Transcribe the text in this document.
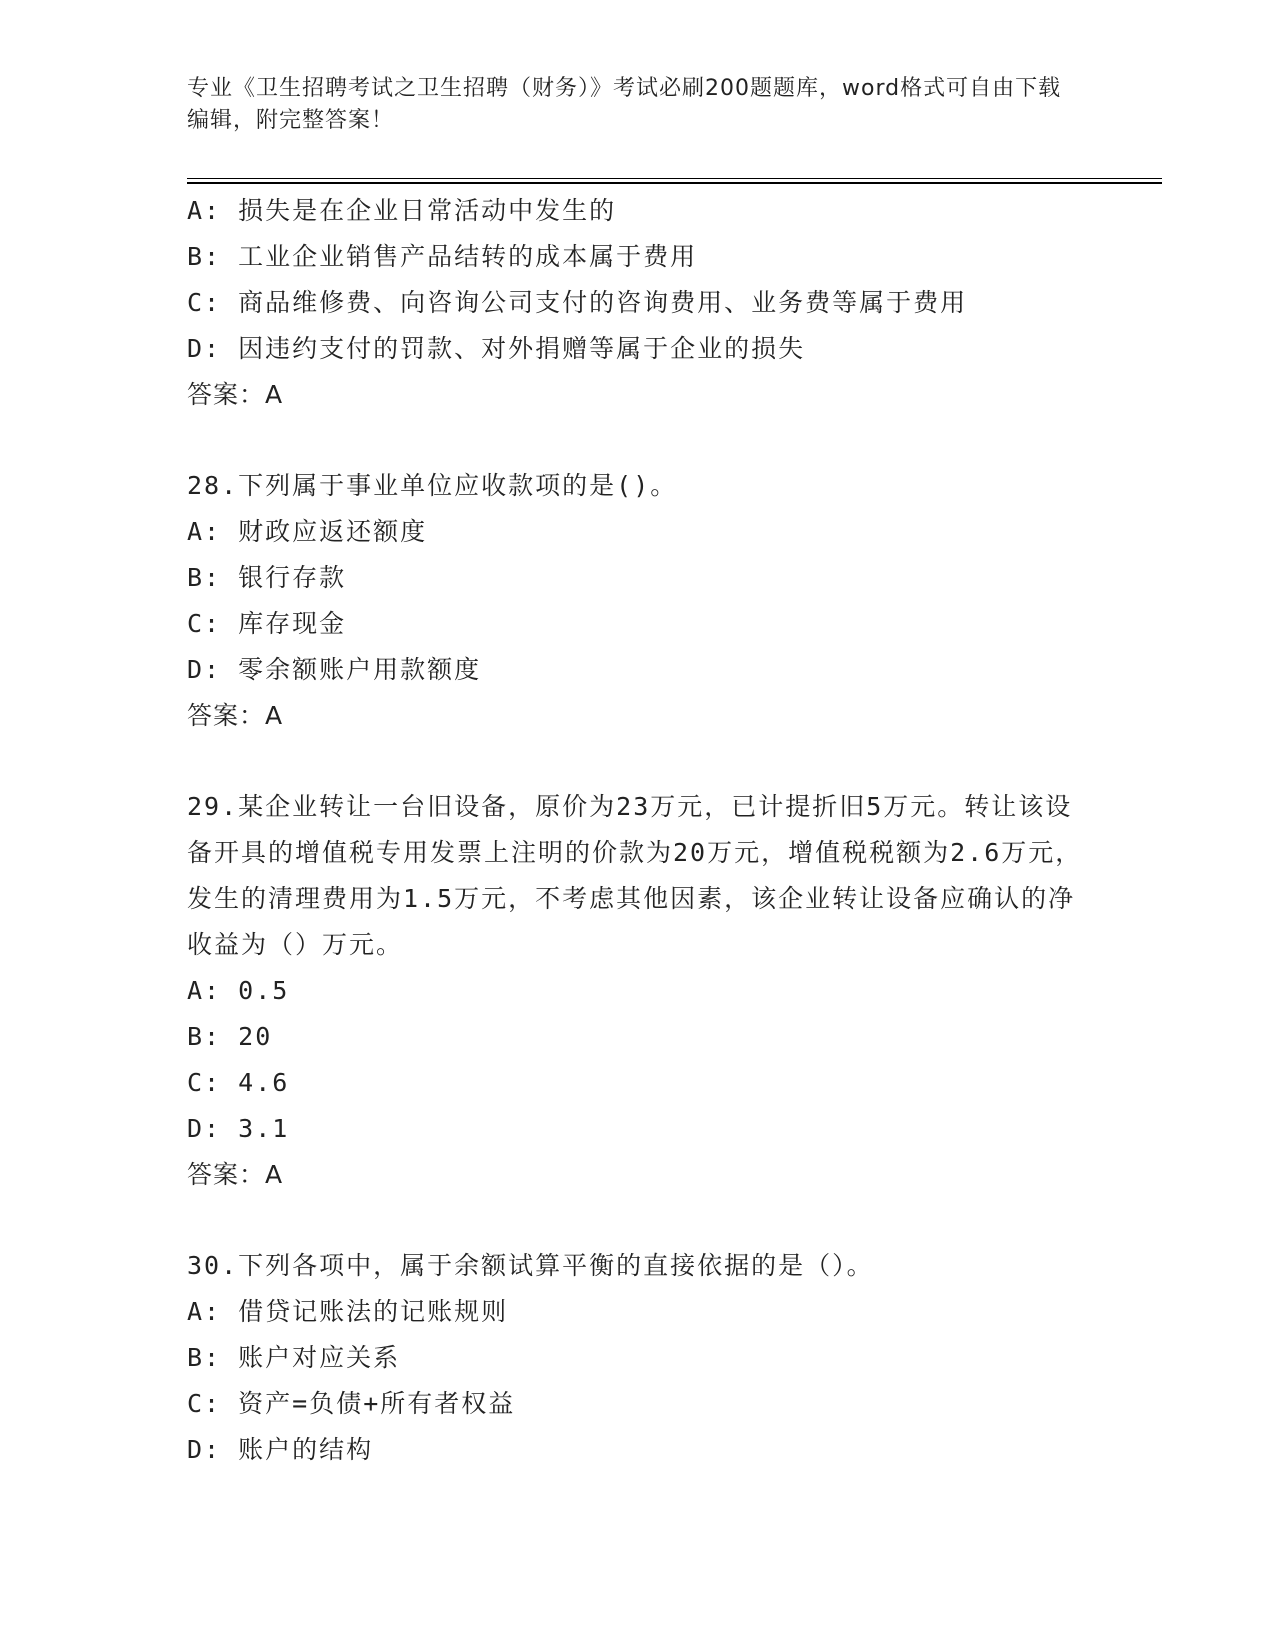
专业《卫生招聘考试之卫生招聘（财务）》考试必刷200题题库，word格式可自由下载编辑，附完整答案！
A: 损失是在企业日常活动中发生的
B: 工业企业销售产品结转的成本属于费用
C: 商品维修费、向咨询公司支付的咨询费用、业务费等属于费用
D: 因违约支付的罚款、对外捐赠等属于企业的损失
答案：A
28.下列属于事业单位应收款项的是()。
A: 财政应返还额度
B: 银行存款
C: 库存现金
D: 零余额账户用款额度
答案：A
29.某企业转让一台旧设备，原价为23万元，已计提折旧5万元。转让该设备开具的增值税专用发票上注明的价款为20万元，增值税税额为2.6万元，发生的清理费用为1.5万元，不考虑其他因素，该企业转让设备应确认的净收益为（）万元。
A: 0.5
B: 20
C: 4.6
D: 3.1
答案：A
30.下列各项中，属于余额试算平衡的直接依据的是（）。
A: 借贷记账法的记账规则
B: 账户对应关系
C: 资产=负债+所有者权益
D: 账户的结构
